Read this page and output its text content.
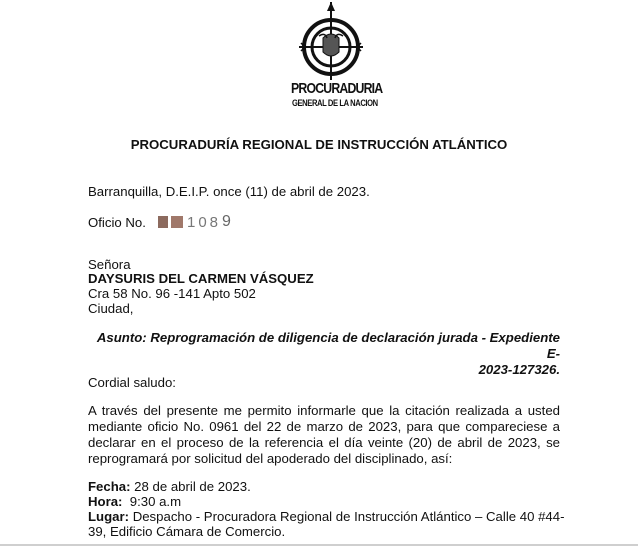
PROCURADURIA
GENERAL DE LA NACION
PROCURADURÍA REGIONAL DE INSTRUCCIÓN ATLÁNTICO
Barranquilla, D.E.I.P. once (11) de abril de 2023.
Oficio No.	108 9
Señora
DAYSURIS DEL CARMEN VÁSQUEZ
Cra 58 No. 96 -141 Apto 502
Ciudad,
Asunto: Reprogramación de diligencia de declaración jurada - Expediente E-
2023-127326.
Cordial saludo:
A través del presente me permito informarle que la citación realizada a usted
mediante oficio No. 0961 del 22 de marzo de 2023, para que compareciese a
declarar en el proceso de la referencia el día veinte (20) de abril de 2023, se
reprogramará por solicitud del apoderado del disciplinado, así:
Fecha: 28 de abril de 2023.
Hora:  9:30 a.m
Lugar: Despacho - Procuradora Regional de Instrucción Atlántico – Calle 40 #44-
39, Edificio Cámara de Comercio.
